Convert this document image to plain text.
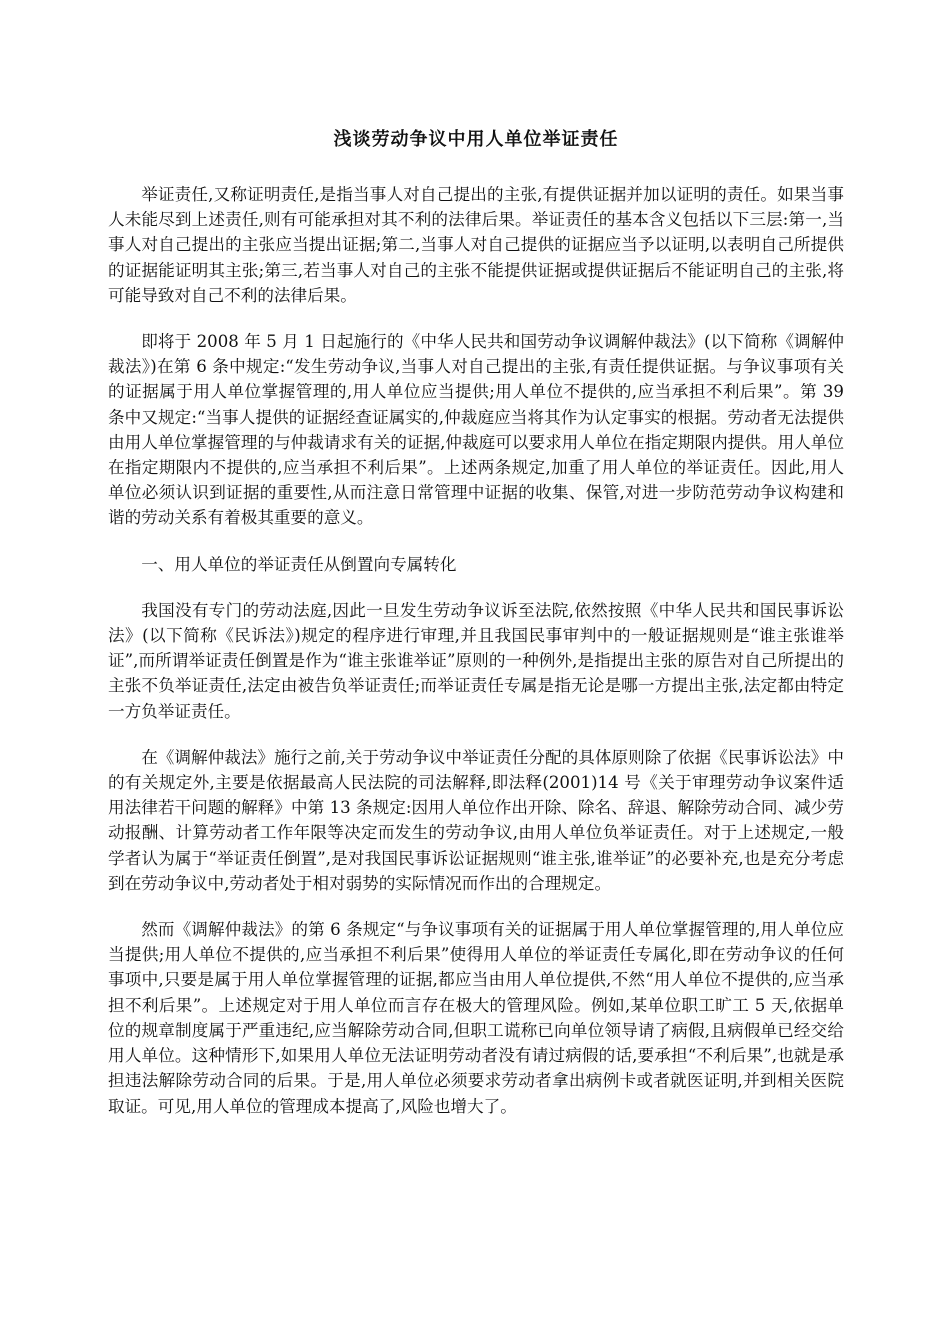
浅谈劳动争议中用人单位举证责任

举证责任,又称证明责任,是指当事人对自己提出的主张,有提供证据并加以证明的责任。如果当事人未能尽到上述责任,则有可能承担对其不利的法律后果。举证责任的基本含义包括以下三层:第一,当事人对自己提出的主张应当提出证据;第二,当事人对自己提供的证据应当予以证明,以表明自己所提供的证据能证明其主张;第三,若当事人对自己的主张不能提供证据或提供证据后不能证明自己的主张,将可能导致对自己不利的法律后果。

即将于 2008 年 5 月 1 日起施行的《中华人民共和国劳动争议调解仲裁法》(以下简称《调解仲裁法》)在第 6 条中规定:“发生劳动争议,当事人对自己提出的主张,有责任提供证据。与争议事项有关的证据属于用人单位掌握管理的,用人单位应当提供;用人单位不提供的,应当承担不利后果”。第 39 条中又规定:“当事人提供的证据经查证属实的,仲裁庭应当将其作为认定事实的根据。劳动者无法提供由用人单位掌握管理的与仲裁请求有关的证据,仲裁庭可以要求用人单位在指定期限内提供。用人单位在指定期限内不提供的,应当承担不利后果”。上述两条规定,加重了用人单位的举证责任。因此,用人单位必须认识到证据的重要性,从而注意日常管理中证据的收集、保管,对进一步防范劳动争议构建和谐的劳动关系有着极其重要的意义。

一、用人单位的举证责任从倒置向专属转化

我国没有专门的劳动法庭,因此一旦发生劳动争议诉至法院,依然按照《中华人民共和国民事诉讼法》(以下简称《民诉法》)规定的程序进行审理,并且我国民事审判中的一般证据规则是“谁主张谁举证”,而所谓举证责任倒置是作为“谁主张谁举证”原则的一种例外,是指提出主张的原告对自己所提出的主张不负举证责任,法定由被告负举证责任;而举证责任专属是指无论是哪一方提出主张,法定都由特定一方负举证责任。

在《调解仲裁法》施行之前,关于劳动争议中举证责任分配的具体原则除了依据《民事诉讼法》中的有关规定外,主要是依据最高人民法院的司法解释,即法释(2001)14 号《关于审理劳动争议案件适用法律若干问题的解释》中第 13 条规定:因用人单位作出开除、除名、辞退、解除劳动合同、减少劳动报酬、计算劳动者工作年限等决定而发生的劳动争议,由用人单位负举证责任。对于上述规定,一般学者认为属于“举证责任倒置”,是对我国民事诉讼证据规则“谁主张,谁举证”的必要补充,也是充分考虑到在劳动争议中,劳动者处于相对弱势的实际情况而作出的合理规定。

然而《调解仲裁法》的第 6 条规定“与争议事项有关的证据属于用人单位掌握管理的,用人单位应当提供;用人单位不提供的,应当承担不利后果”使得用人单位的举证责任专属化,即在劳动争议的任何事项中,只要是属于用人单位掌握管理的证据,都应当由用人单位提供,不然“用人单位不提供的,应当承担不利后果”。上述规定对于用人单位而言存在极大的管理风险。例如,某单位职工旷工 5 天,依据单位的规章制度属于严重违纪,应当解除劳动合同,但职工谎称已向单位领导请了病假,且病假单已经交给用人单位。这种情形下,如果用人单位无法证明劳动者没有请过病假的话,要承担“不利后果”,也就是承担违法解除劳动合同的后果。于是,用人单位必须要求劳动者拿出病例卡或者就医证明,并到相关医院取证。可见,用人单位的管理成本提高了,风险也增大了。
